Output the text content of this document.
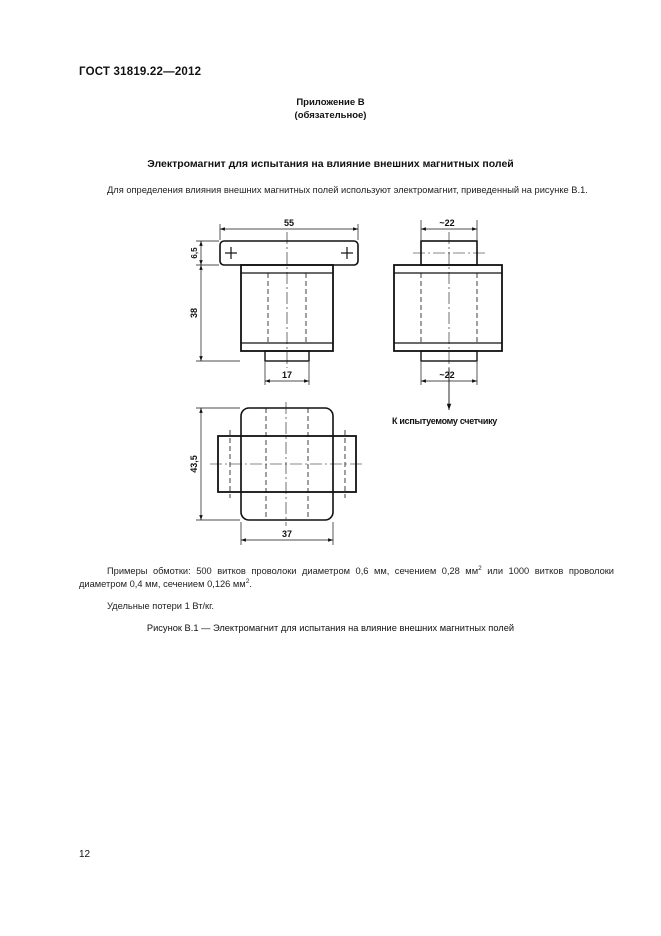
ГОСТ 31819.22—2012
Приложение В
(обязательное)
Электромагнит для испытания на влияние внешних магнитных полей
Для определения влияния внешних магнитных полей используют электромагнит, приведенный на рисунке В.1.
55
6,5
38
17
~22
~22
К испытуемому счетчику
43,5
37
Примеры обмотки: 500 витков проволоки диаметром 0,6 мм, сечением 0,28 $мм^2$ или 1000 витков проволоки диаметром 0,4 мм, сечением 0,126 $мм^2$.
Удельные потери 1 Вт/кг.
Рисунок В.1 — Электромагнит для испытания на влияние внешних магнитных полей
12
